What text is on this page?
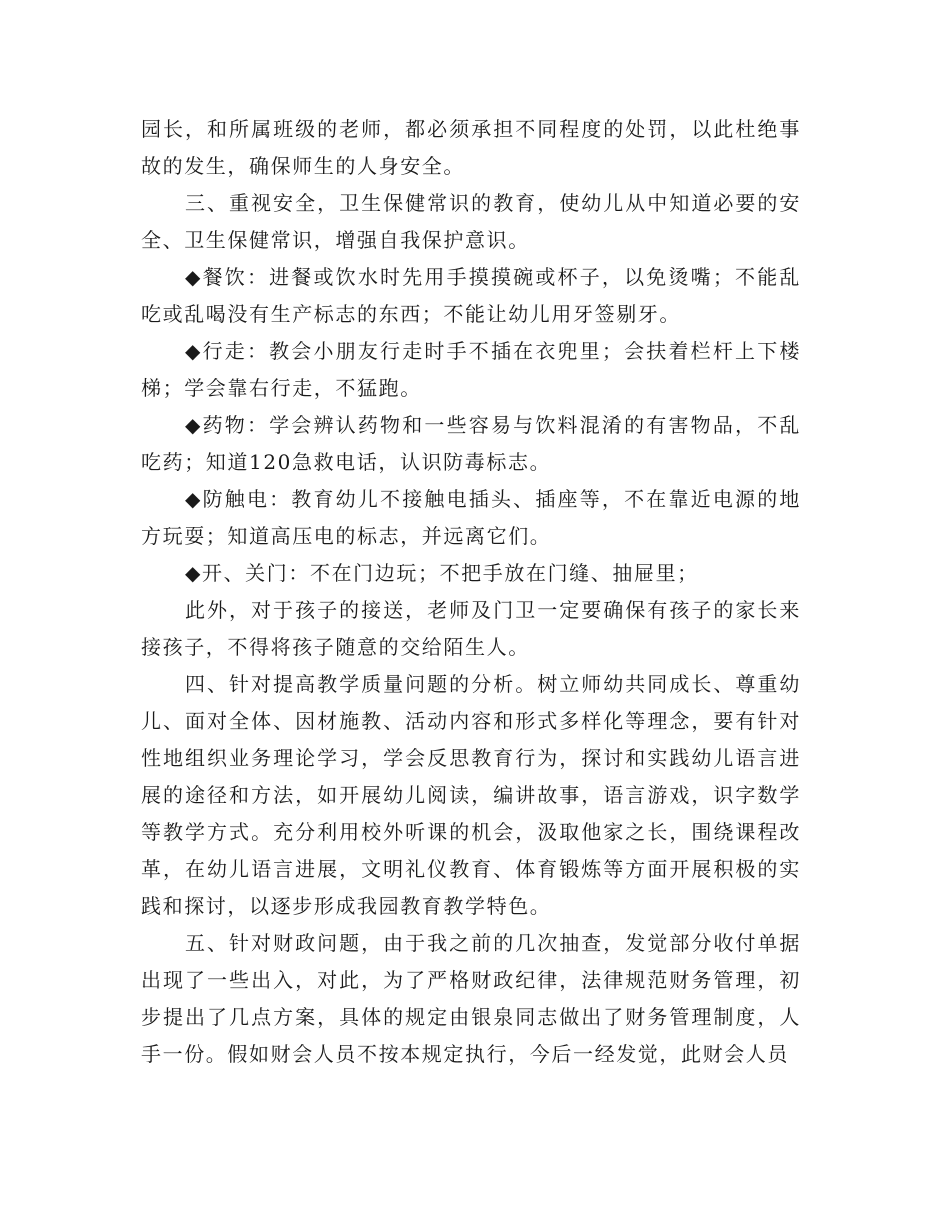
园长，和所属班级的老师，都必须承担不同程度的处罚，以此杜绝事故的发生，确保师生的人身安全。

三、重视安全，卫生保健常识的教育，使幼儿从中知道必要的安全、卫生保健常识，增强自我保护意识。

◆餐饮：进餐或饮水时先用手摸摸碗或杯子，以免烫嘴；不能乱吃或乱喝没有生产标志的东西；不能让幼儿用牙签剔牙。

◆行走：教会小朋友行走时手不插在衣兜里；会扶着栏杆上下楼梯；学会靠右行走，不猛跑。

◆药物：学会辨认药物和一些容易与饮料混淆的有害物品，不乱吃药；知道120急救电话，认识防毒标志。

◆防触电：教育幼儿不接触电插头、插座等，不在靠近电源的地方玩耍；知道高压电的标志，并远离它们。

◆开、关门：不在门边玩；不把手放在门缝、抽屉里；

此外，对于孩子的接送，老师及门卫一定要确保有孩子的家长来接孩子，不得将孩子随意的交给陌生人。

四、针对提高教学质量问题的分析。树立师幼共同成长、尊重幼儿、面对全体、因材施教、活动内容和形式多样化等理念，要有针对性地组织业务理论学习，学会反思教育行为，探讨和实践幼儿语言进展的途径和方法，如开展幼儿阅读，编讲故事，语言游戏，识字数学等教学方式。充分利用校外听课的机会，汲取他家之长，围绕课程改革，在幼儿语言进展，文明礼仪教育、体育锻炼等方面开展积极的实践和探讨，以逐步形成我园教育教学特色。

五、针对财政问题，由于我之前的几次抽查，发觉部分收付单据出现了一些出入，对此，为了严格财政纪律，法律规范财务管理，初步提出了几点方案，具体的规定由银泉同志做出了财务管理制度，人手一份。假如财会人员不按本规定执行，今后一经发觉，此财会人员
